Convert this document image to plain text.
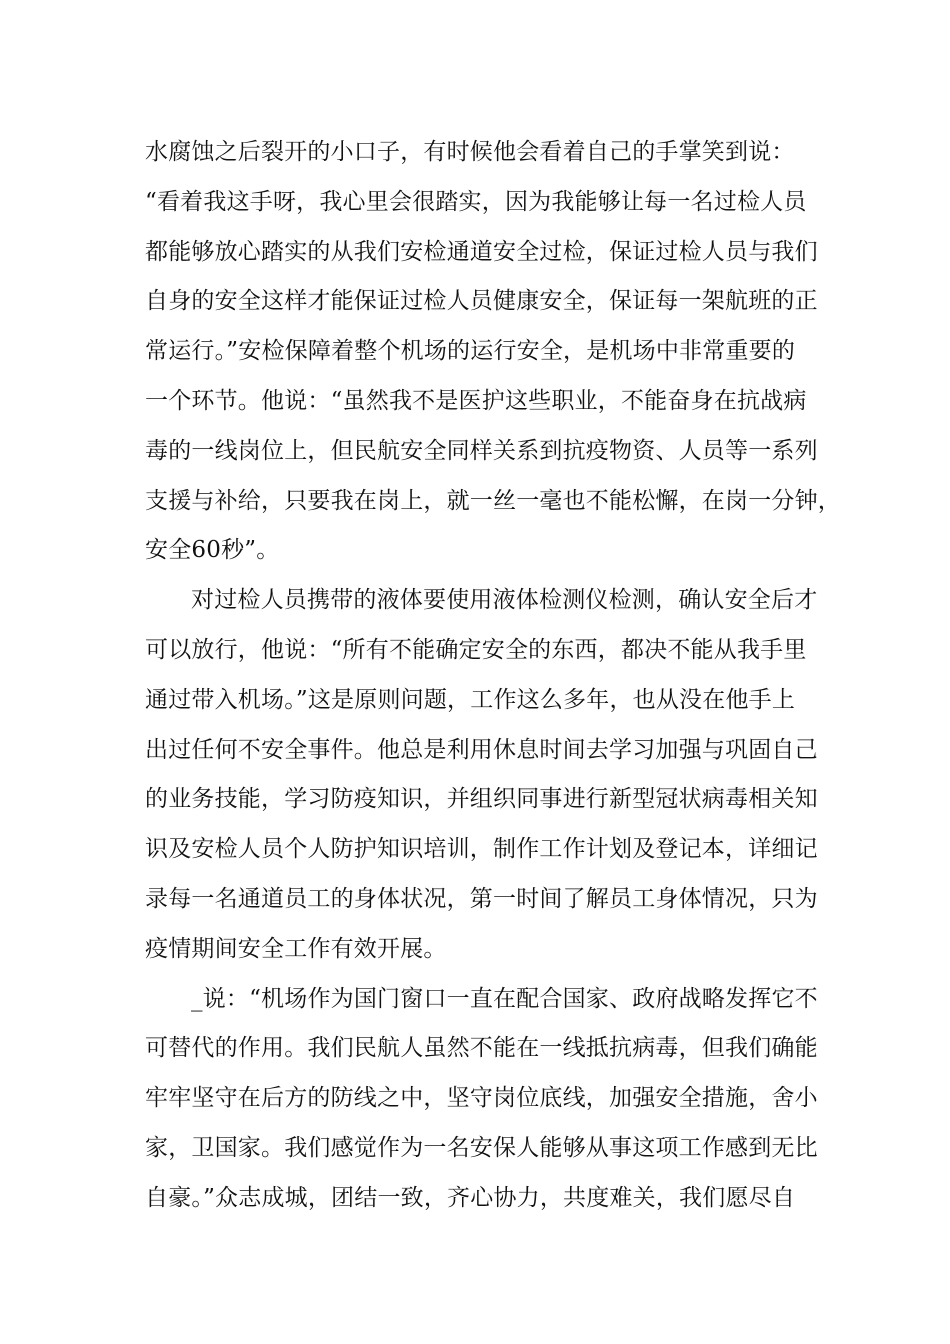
水腐蚀之后裂开的小口子，有时候他会看着自己的手掌笑到说：
“看着我这手呀，我心里会很踏实，因为我能够让每一名过检人员
都能够放心踏实的从我们安检通道安全过检，保证过检人员与我们
自身的安全这样才能保证过检人员健康安全，保证每一架航班的正
常运行。”安检保障着整个机场的运行安全，是机场中非常重要的
一个环节。他说：“虽然我不是医护这些职业，不能奋身在抗战病
毒的一线岗位上，但民航安全同样关系到抗疫物资、人员等一系列
支援与补给，只要我在岗上，就一丝一毫也不能松懈，在岗一分钟，
安全60秒”。
对过检人员携带的液体要使用液体检测仪检测，确认安全后才
可以放行，他说：“所有不能确定安全的东西，都决不能从我手里
通过带入机场。”这是原则问题，工作这么多年，也从没在他手上
出过任何不安全事件。他总是利用休息时间去学习加强与巩固自己
的业务技能，学习防疫知识，并组织同事进行新型冠状病毒相关知
识及安检人员个人防护知识培训，制作工作计划及登记本，详细记
录每一名通道员工的身体状况，第一时间了解员工身体情况，只为
疫情期间安全工作有效开展。
_说：“机场作为国门窗口一直在配合国家、政府战略发挥它不
可替代的作用。我们民航人虽然不能在一线抵抗病毒，但我们确能
牢牢坚守在后方的防线之中，坚守岗位底线，加强安全措施，舍小
家，卫国家。我们感觉作为一名安保人能够从事这项工作感到无比
自豪。”众志成城，团结一致，齐心协力，共度难关，我们愿尽自
